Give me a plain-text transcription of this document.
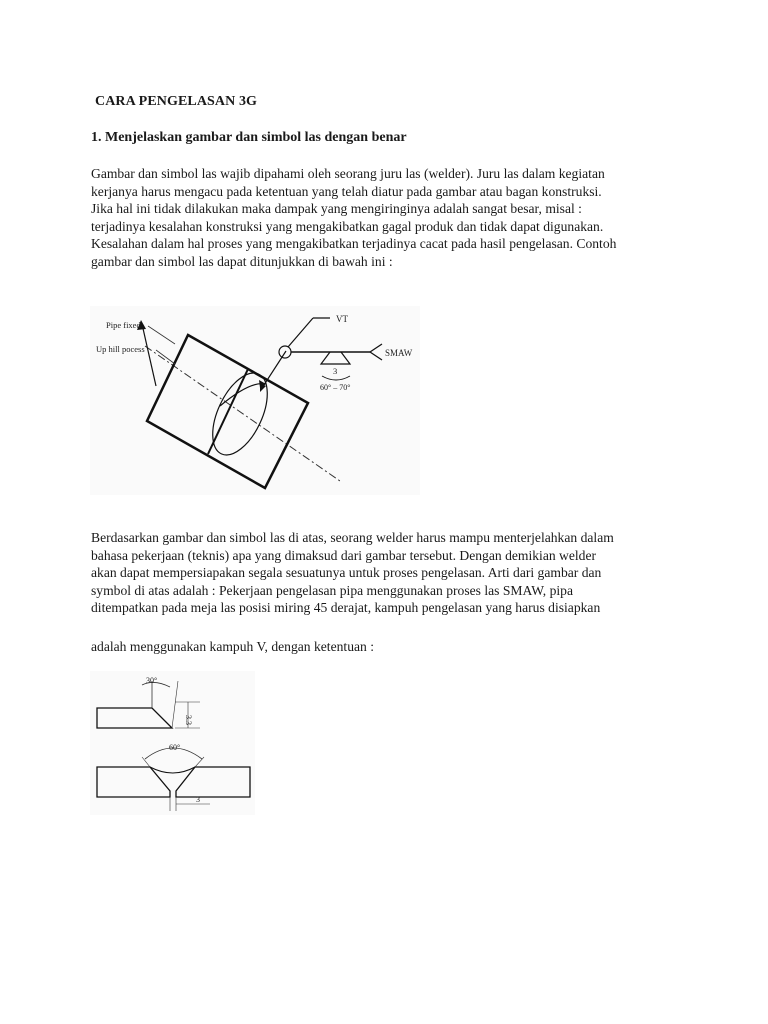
CARA PENGELASAN 3G
1. Menjelaskan gambar dan simbol las dengan benar
Gambar dan simbol las wajib dipahami oleh seorang juru las (welder). Juru las dalam kegiatan
kerjanya harus mengacu pada ketentuan yang telah diatur pada gambar atau bagan konstruksi.
Jika hal ini tidak dilakukan maka dampak yang mengiringinya adalah sangat besar, misal :
terjadinya kesalahan konstruksi yang mengakibatkan gagal produk dan tidak dapat digunakan.
Kesalahan dalam hal proses yang mengakibatkan terjadinya cacat pada hasil pengelasan. Contoh
gambar dan simbol las dapat ditunjukkan di bawah ini :
Pipe fixed
Up hill pocess
VT
SMAW
3
60° – 70°
Berdasarkan gambar dan simbol las di atas, seorang welder harus mampu menterjelahkan dalam
bahasa pekerjaan (teknis) apa yang dimaksud dari gambar tersebut. Dengan demikian welder
akan dapat mempersiapakan segala sesuatunya untuk proses pengelasan. Arti dari gambar dan
symbol di atas adalah : Pekerjaan pengelasan pipa menggunakan proses las SMAW, pipa
ditempatkan pada meja las posisi miring 45 derajat, kampuh pengelasan yang harus disiapkan
adalah menggunakan kampuh V, dengan ketentuan :
30°
3.3
60°
3
